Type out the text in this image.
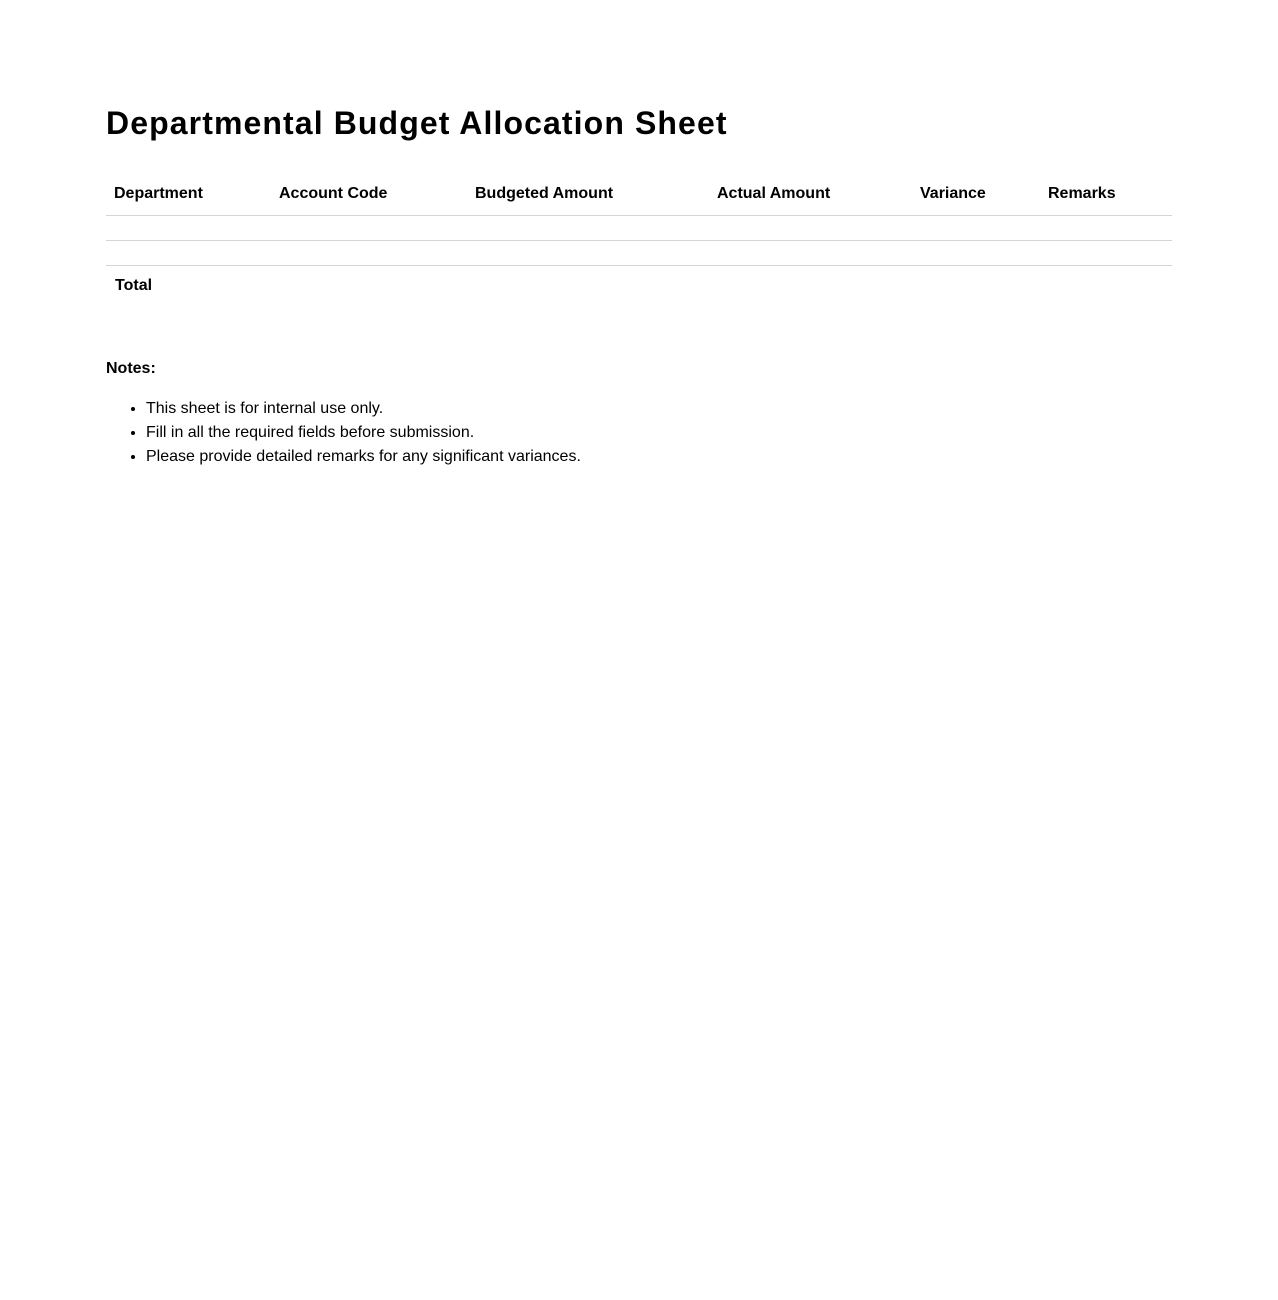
Departmental Budget Allocation Sheet
Department	Account Code	Budgeted Amount	Actual Amount	Variance	Remarks

Total					
Notes:
• This sheet is for internal use only.
• Fill in all the required fields before submission.
• Please provide detailed remarks for any significant variances.
